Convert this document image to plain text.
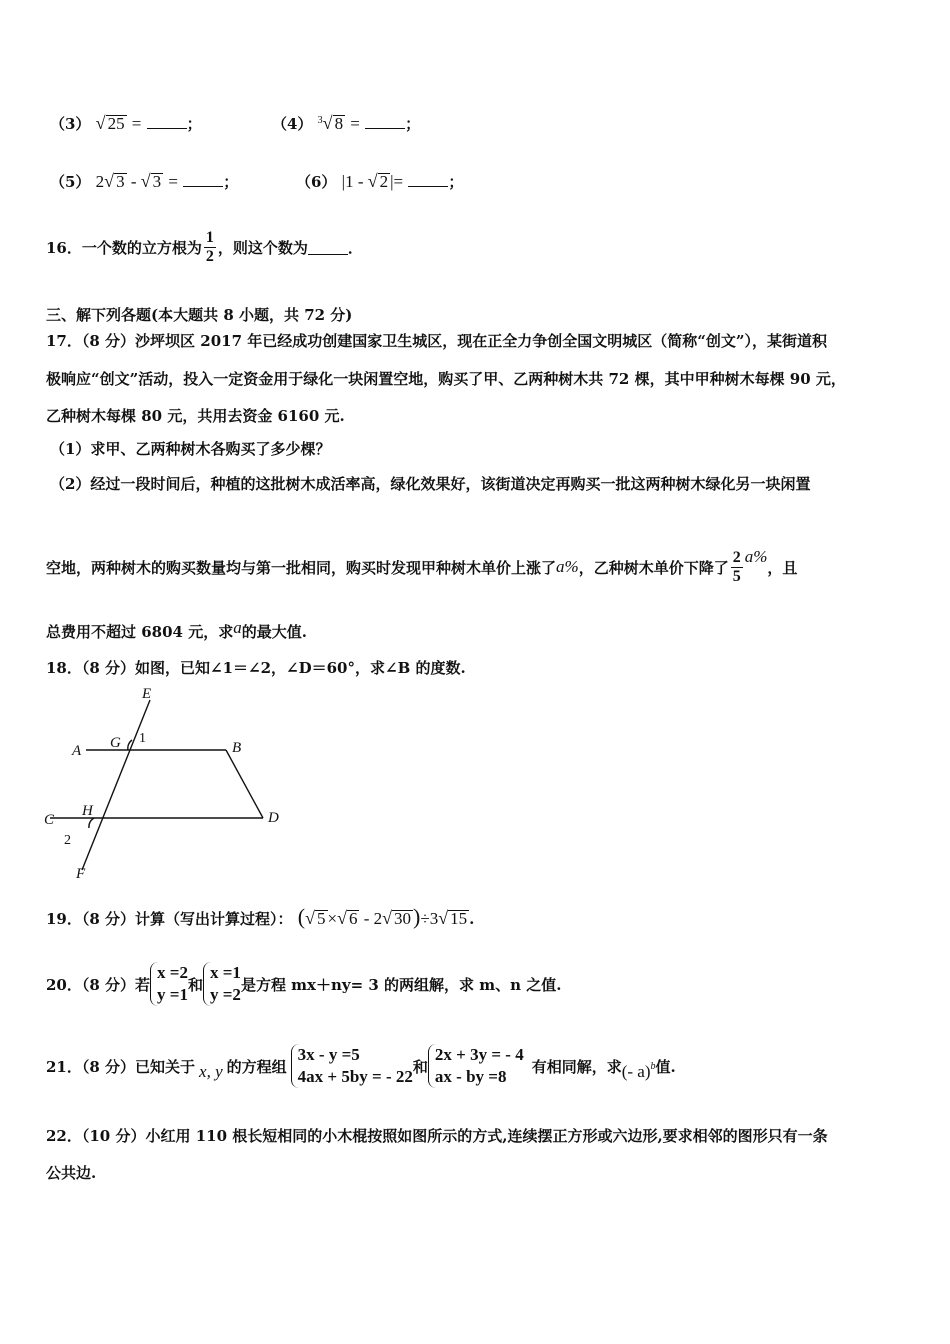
（3） √ 25 =	；	（4） $^3$√ 8 =	；
（5） 2√ 3 - √ 3 =	；	（6） |1 - √ 2 |=	；
16．一个数的立方根为 $\frac{1}{2}$ ，则这个数为	．
三、解下列各题(本大题共 8 小题，共 72 分)
17．（8 分）沙坪坝区 2017 年已经成功创建国家卫生城区，现在正全力争创全国文明城区（简称“创文”），某街道积
极响应“创文”活动，投入一定资金用于绿化一块闲置空地，购买了甲、乙两种树木共 72 棵，其中甲种树木每棵 90 元，
乙种树木每棵 80 元，共用去资金 6160 元.
（1）求甲、乙两种树木各购买了多少棵？
（2）经过一段时间后，种植的这批树木成活率高，绿化效果好，该街道决定再购买一批这两种树木绿化另一块闲置
空地，两种树木的购买数量均与第一批相同，购买时发现甲种树木单价上涨了 a% ，乙种树木单价下降了 $\frac{2}{5} a\%$
，且
总费用不超过 6804 元，求a的最大值.
18．（8 分）如图，已知∠1＝∠2，∠D＝60°，求∠B 的度数.
E
A G	B
C
H	D
F
1
2
19．（8 分）计算（写出计算过程）： (√ 5 ×√ 6 - 2√ 30)÷3√ 15 .
20．（8 分）若
x =2
y =1
和
x =1
y =2
是方程 mx＋ny= 3 的两组解，求 m、n 之值.
21．（8 分）已知关于 x, y 的方程组
3x - y =5
4ax + 5by = - 22
和
2x + 3y = - 4
ax - by =8
有相同解，求 (- a)$^b$ 值.
22．（10 分）小红用 110 根长短相同的小木棍按照如图所示的方式,连续摆正方形或六边形,要求相邻的图形只有一条
公共边.
